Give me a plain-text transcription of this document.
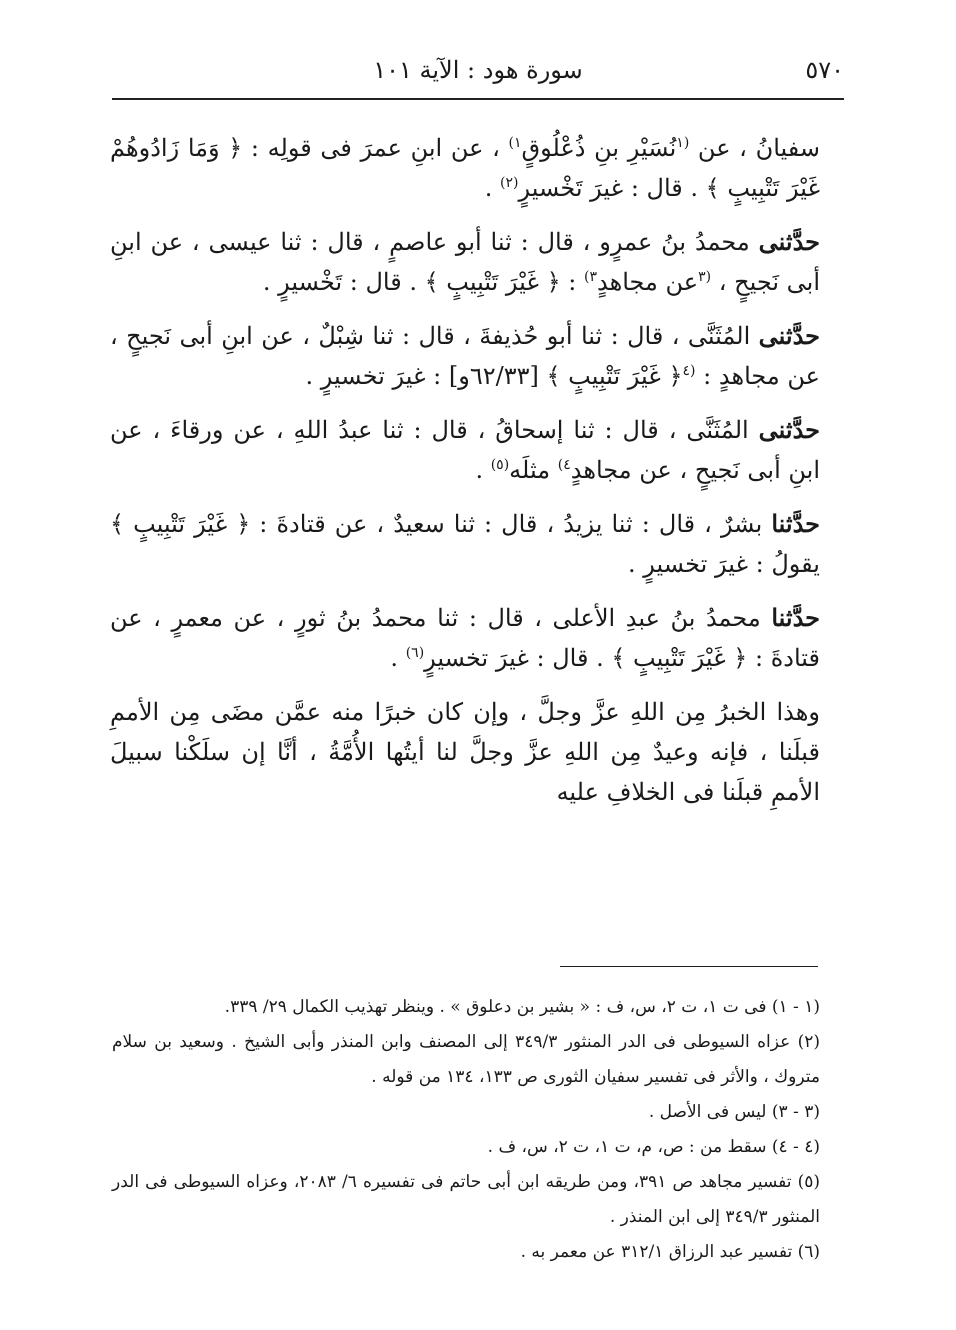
٥٧٠
سورة هود : الآية ١٠١

سفيانُ ، عن $^{(١}$نُسَيْرِ بنِ ذُعْلُوقٍ$^{١)}$ ، عن ابنِ عمرَ فى قولِه : ﴿ وَمَا زَادُوهُمْ غَيْرَ تَتْبِيبٍ ﴾ . قال : غيرَ تَخْسيرٍ$^{(٢)}$ .

حدَّثنى محمدُ بنُ عمرٍو ، قال : ثنا أبو عاصمٍ ، قال : ثنا عيسى ، عن ابنِ أبى نَجيحٍ ، $^{(٣}$عن مجاهدٍ$^{٣)}$ : ﴿ غَيْرَ تَتْبِيبٍ ﴾ . قال : تَخْسيرٍ .

حدَّثنى المُثَنَّى ، قال : ثنا أبو حُذيفةَ ، قال : ثنا شِبْلٌ ، عن ابنِ أبى نَجيحٍ ، عن مجاهدٍ : $^{(٤}$﴿ غَيْرَ تَتْبِيبٍ ﴾ [٦٢/٣٣و] : غيرَ تخسيرٍ .

حدَّثنى المُثَنَّى ، قال : ثنا إسحاقُ ، قال : ثنا عبدُ اللهِ ، عن ورقاءَ ، عن ابنِ أبى نَجيحٍ ، عن مجاهدٍ$^{٤)}$ مثلَه$^{(٥)}$ .

حدَّثنا بشرٌ ، قال : ثنا يزيدُ ، قال : ثنا سعيدٌ ، عن قتادةَ : ﴿ غَيْرَ تَتْبِيبٍ ﴾ يقولُ : غيرَ تخسيرٍ .

حدَّثنا محمدُ بنُ عبدِ الأعلى ، قال : ثنا محمدُ بنُ ثورٍ ، عن معمرٍ ، عن قتادةَ : ﴿ غَيْرَ تَتْبِيبٍ ﴾ . قال : غيرَ تخسيرٍ$^{(٦)}$ .

وهذا الخبرُ مِن اللهِ عزَّ وجلَّ ، وإن كان خبرًا منه عمَّن مضَى مِن الأممِ قبلَنا ، فإنه وعيدٌ مِن اللهِ عزَّ وجلَّ لنا أيتُها الأُمَّةُ ، أنَّا إن سلَكْنا سبيلَ الأممِ قبلَنا فى الخلافِ عليه

(١ - ١) فى ت ١، ت ٢، س، ف : « بشير بن دعلوق » . وينظر تهذيب الكمال ٢٩/ ٣٣٩.

(٢) عزاه السيوطى فى الدر المنثور ٣٤٩/٣ إلى المصنف وابن المنذر وأبى الشيخ . وسعيد بن سلام متروك ، والأثر فى تفسير سفيان الثورى ص ١٣٣، ١٣٤ من قوله .

(٣ - ٣) ليس فى الأصل .

(٤ - ٤) سقط من : ص، م، ت ١، ت ٢، س، ف .

(٥) تفسير مجاهد ص ٣٩١، ومن طريقه ابن أبى حاتم فى تفسيره ٦/ ٢٠٨٣، وعزاه السيوطى فى الدر المنثور ٣٤٩/٣ إلى ابن المنذر .

(٦) تفسير عبد الرزاق ٣١٢/١ عن معمر به .
